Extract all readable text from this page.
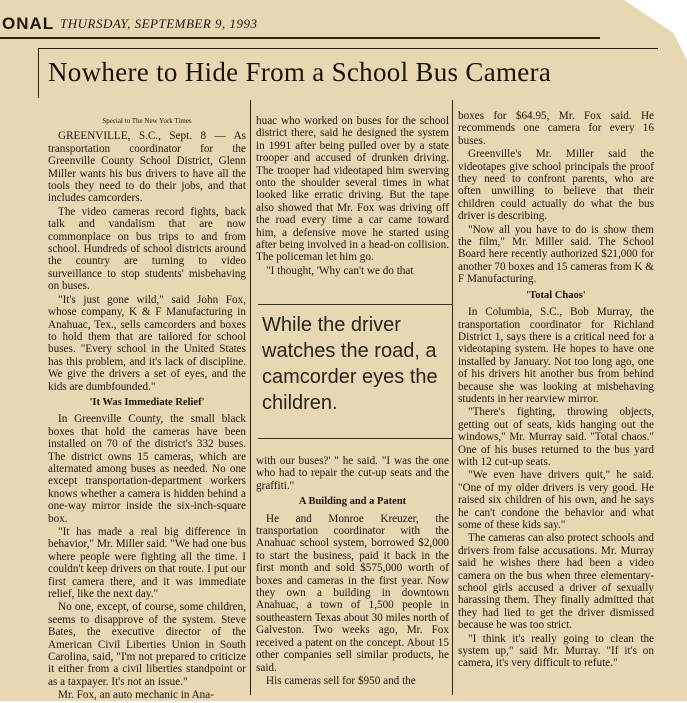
ONAL THURSDAY, SEPTEMBER 9, 1993
Nowhere to Hide From a School Bus Camera

Special to The New York Times

GREENVILLE, S.C., Sept. 8 — As transportation coordinator for the Greenville County School District, Glenn Miller wants his bus drivers to have all the tools they need to do their jobs, and that includes camcorders.

The video cameras record fights, back talk and vandalism that are now commonplace on bus trips to and from school. Hundreds of school districts around the country are turning to video surveillance to stop students' misbehaving on buses.

"It's just gone wild," said John Fox, whose company, K & F Manufacturing in Anahuac, Tex., sells camcorders and boxes to hold them that are tailored for school buses. "Every school in the United States has this problem, and it's lack of discipline. We give the drivers a set of eyes, and the kids are dumbfounded."

'It Was Immediate Relief'

In Greenville County, the small black boxes that hold the cameras have been installed on 70 of the district's 332 buses. The district owns 15 cameras, which are alternated among buses as needed. No one except transportation-department workers knows whether a camera is hidden behind a one-way mirror inside the six-inch-square box.

"It has made a real big difference in behavior," Mr. Miller said. "We had one bus where people were fighting all the time. I couldn't keep drivers on that route. I put our first camera there, and it was immediate relief, like the next day."

No one, except, of course, some children, seems to disapprove of the system. Steve Bates, the executive director of the American Civil Liberties Union in South Carolina, said, "I'm not prepared to criticize it either from a civil liberties standpoint or as a taxpayer. It's not an issue."

Mr. Fox, an auto mechanic in Ana-

huac who worked on buses for the school district there, said he designed the system in 1991 after being pulled over by a state trooper and accused of drunken driving. The trooper had videotaped him swerving onto the shoulder several times in what looked like erratic driving. But the tape also showed that Mr. Fox was driving off the road every time a car came toward him, a defensive move he started using after being involved in a head-on collision. The policeman let him go.

"I thought, 'Why can't we do that

While the driver watches the road, a camcorder eyes the children.

with our buses?' " he said. "I was the one who had to repair the cut-up seats and the graffiti."

A Building and a Patent

He and Monroe Kreuzer, the transportation coordinator with the Anahuac school system, borrowed $2,000 to start the business, paid it back in the first month and sold $575,000 worth of boxes and cameras in the first year. Now they own a building in downtown Anahuac, a town of 1,500 people in southeastern Texas about 30 miles north of Galveston. Two weeks ago, Mr. Fox received a patent on the concept. About 15 other companies sell similar products, he said.

His cameras sell for $950 and the

boxes for $64.95, Mr. Fox said. He recommends one camera for every 16 buses.

Greenville's Mr. Miller said the videotapes give school principals the proof they need to confront parents, who are often unwilling to believe that their children could actually do what the bus driver is describing.

"Now all you have to do is show them the film," Mr. Miller said. The School Board here recently authorized $21,000 for another 70 boxes and 15 cameras from K & F Manufacturing.

'Total Chaos'

In Columbia, S.C., Bob Murray, the transportation coordinator for Richland District 1, says there is a critical need for a videotaping system. He hopes to have one installed by January. Not too long ago, one of his drivers hit another bus from behind because she was looking at misbehaving students in her rearview mirror.

"There's fighting, throwing objects, getting out of seats, kids hanging out the windows," Mr. Murray said. "Total chaos." One of his buses returned to the bus yard with 12 cut-up seats.

"We even have drivers quit," he said. "One of my older drivers is very good. He raised six children of his own, and he says he can't condone the behavior and what some of these kids say."

The cameras can also protect schools and drivers from false accusations. Mr. Murray said he wishes there had been a video camera on the bus when three elementary-school girls accused a driver of sexually harassing them. They finally admitted that they had lied to get the driver dismissed because he was too strict.

"I think it's really going to clean the system up," said Mr. Murray. "If it's on camera, it's very difficult to refute."
